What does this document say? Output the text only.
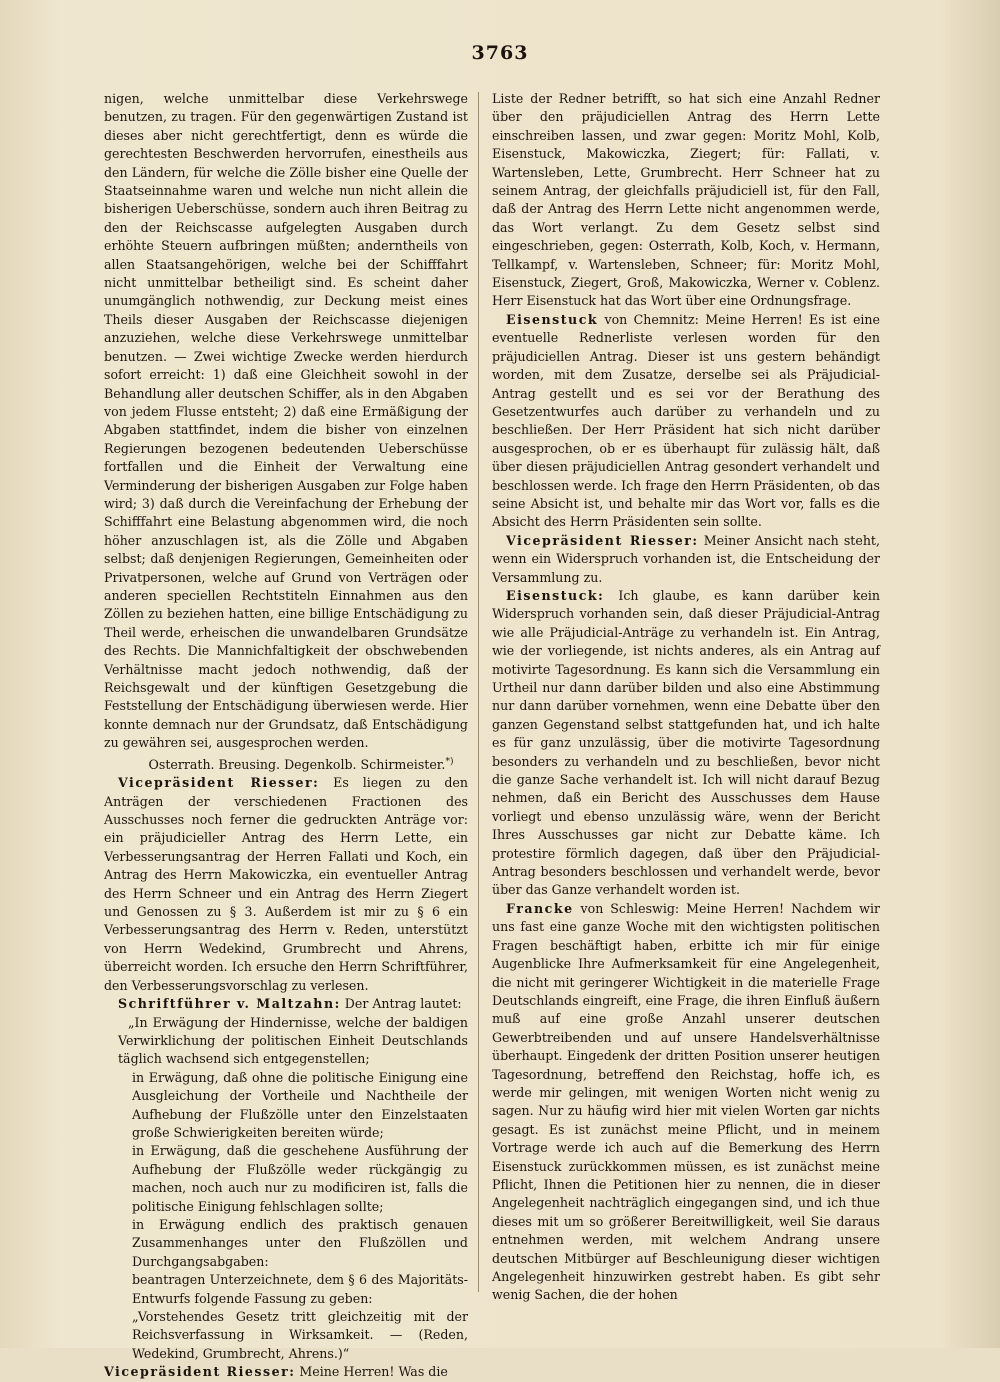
3763

nigen, welche unmittelbar diese Verkehrswege benutzen, zu tragen. Für den gegenwärtigen Zustand ist dieses aber nicht gerechtfertigt, denn es würde die gerechtesten Beschwerden hervorrufen, einestheils aus den Ländern, für welche die Zölle bisher eine Quelle der Staatseinnahme waren und welche nun nicht allein die bisherigen Ueberschüsse, sondern auch ihren Beitrag zu den der Reichscasse aufgelegten Ausgaben durch erhöhte Steuern aufbringen müßten; anderntheils von allen Staatsangehörigen, welche bei der Schifffahrt nicht unmittelbar betheiligt sind. Es scheint daher unumgänglich nothwendig, zur Deckung meist eines Theils dieser Ausgaben der Reichscasse diejenigen anzuziehen, welche diese Verkehrswege unmittelbar benutzen. — Zwei wichtige Zwecke werden hierdurch sofort erreicht: 1) daß eine Gleichheit sowohl in der Behandlung aller deutschen Schiffer, als in den Abgaben von jedem Flusse entsteht; 2) daß eine Ermäßigung der Abgaben stattfindet, indem die bisher von einzelnen Regierungen bezogenen bedeutenden Ueberschüsse fortfallen und die Einheit der Verwaltung eine Verminderung der bisherigen Ausgaben zur Folge haben wird; 3) daß durch die Vereinfachung der Erhebung der Schifffahrt eine Belastung abgenommen wird, die noch höher anzuschlagen ist, als die Zölle und Abgaben selbst; daß denjenigen Regierungen, Gemeinheiten oder Privatpersonen, welche auf Grund von Verträgen oder anderen speciellen Rechtstiteln Einnahmen aus den Zöllen zu beziehen hatten, eine billige Entschädigung zu Theil werde, erheischen die unwandelbaren Grundsätze des Rechts. Die Mannichfaltigkeit der obschwebenden Verhältnisse macht jedoch nothwendig, daß der Reichsgewalt und der künftigen Gesetzgebung die Feststellung der Entschädigung überwiesen werde. Hier konnte demnach nur der Grundsatz, daß Entschädigung zu gewähren sei, ausgesprochen werden.

Osterrath. Breusing. Degenkolb. Schirmeister.*)

Vicepräsident Riesser: Es liegen zu den Anträgen der verschiedenen Fractionen des Ausschusses noch ferner die gedruckten Anträge vor: ein präjudicieller Antrag des Herrn Lette, ein Verbesserungsantrag der Herren Fallati und Koch, ein Antrag des Herrn Makowiczka, ein eventueller Antrag des Herrn Schneer und ein Antrag des Herrn Ziegert und Genossen zu § 3. Außerdem ist mir zu § 6 ein Verbesserungsantrag des Herrn v. Reden, unterstützt von Herrn Wedekind, Grumbrecht und Ahrens, überreicht worden. Ich ersuche den Herrn Schriftführer, den Verbesserungsvorschlag zu verlesen.

Schriftführer v. Maltzahn: Der Antrag lautet:

„In Erwägung der Hindernisse, welche der baldigen Verwirklichung der politischen Einheit Deutschlands täglich wachsend sich entgegenstellen;

in Erwägung, daß ohne die politische Einigung eine Ausgleichung der Vortheile und Nachtheile der Aufhebung der Flußzölle unter den Einzelstaaten große Schwierigkeiten bereiten würde;

in Erwägung, daß die geschehene Ausführung der Aufhebung der Flußzölle weder rückgängig zu machen, noch auch nur zu modificiren ist, falls die politische Einigung fehlschlagen sollte;

in Erwägung endlich des praktisch genauen Zusammenhanges unter den Flußzöllen und Durchgangsabgaben:

beantragen Unterzeichnete, dem § 6 des Majoritäts-Entwurfs folgende Fassung zu geben:

„Vorstehendes Gesetz tritt gleichzeitig mit der Reichsverfassung in Wirksamkeit. — (Reden, Wedekind, Grumbrecht, Ahrens.)“

Vicepräsident Riesser: Meine Herren! Was die

Liste der Redner betrifft, so hat sich eine Anzahl Redner über den präjudiciellen Antrag des Herrn Lette einschreiben lassen, und zwar gegen: Moritz Mohl, Kolb, Eisenstuck, Makowiczka, Ziegert; für: Fallati, v. Wartensleben, Lette, Grumbrecht. Herr Schneer hat zu seinem Antrag, der gleichfalls präjudiciell ist, für den Fall, daß der Antrag des Herrn Lette nicht angenommen werde, das Wort verlangt. Zu dem Gesetz selbst sind eingeschrieben, gegen: Osterrath, Kolb, Koch, v. Hermann, Tellkampf, v. Wartensleben, Schneer; für: Moritz Mohl, Eisenstuck, Ziegert, Groß, Makowiczka, Werner v. Coblenz. Herr Eisenstuck hat das Wort über eine Ordnungsfrage.

Eisenstuck von Chemnitz: Meine Herren! Es ist eine eventuelle Rednerliste verlesen worden für den präjudiciellen Antrag. Dieser ist uns gestern behändigt worden, mit dem Zusatze, derselbe sei als Präjudicial-Antrag gestellt und es sei vor der Berathung des Gesetzentwurfes auch darüber zu verhandeln und zu beschließen. Der Herr Präsident hat sich nicht darüber ausgesprochen, ob er es überhaupt für zulässig hält, daß über diesen präjudiciellen Antrag gesondert verhandelt und beschlossen werde. Ich frage den Herrn Präsidenten, ob das seine Absicht ist, und behalte mir das Wort vor, falls es die Absicht des Herrn Präsidenten sein sollte.

Vicepräsident Riesser: Meiner Ansicht nach steht, wenn ein Widerspruch vorhanden ist, die Entscheidung der Versammlung zu.

Eisenstuck: Ich glaube, es kann darüber kein Widerspruch vorhanden sein, daß dieser Präjudicial-Antrag wie alle Präjudicial-Anträge zu verhandeln ist. Ein Antrag, wie der vorliegende, ist nichts anderes, als ein Antrag auf motivirte Tagesordnung. Es kann sich die Versammlung ein Urtheil nur dann darüber bilden und also eine Abstimmung nur dann darüber vornehmen, wenn eine Debatte über den ganzen Gegenstand selbst stattgefunden hat, und ich halte es für ganz unzulässig, über die motivirte Tagesordnung besonders zu verhandeln und zu beschließen, bevor nicht die ganze Sache verhandelt ist. Ich will nicht darauf Bezug nehmen, daß ein Bericht des Ausschusses dem Hause vorliegt und ebenso unzulässig wäre, wenn der Bericht Ihres Ausschusses gar nicht zur Debatte käme. Ich protestire förmlich dagegen, daß über den Präjudicial-Antrag besonders beschlossen und verhandelt werde, bevor über das Ganze verhandelt worden ist.

Francke von Schleswig: Meine Herren! Nachdem wir uns fast eine ganze Woche mit den wichtigsten politischen Fragen beschäftigt haben, erbitte ich mir für einige Augenblicke Ihre Aufmerksamkeit für eine Angelegenheit, die nicht mit geringerer Wichtigkeit in die materielle Frage Deutschlands eingreift, eine Frage, die ihren Einfluß äußern muß auf eine große Anzahl unserer deutschen Gewerbtreibenden und auf unsere Handelsverhältnisse überhaupt. Eingedenk der dritten Position unserer heutigen Tagesordnung, betreffend den Reichstag, hoffe ich, es werde mir gelingen, mit wenigen Worten nicht wenig zu sagen. Nur zu häufig wird hier mit vielen Worten gar nichts gesagt. Es ist zunächst meine Pflicht, und in meinem Vortrage werde ich auch auf die Bemerkung des Herrn Eisenstuck zurückkommen müssen, es ist zunächst meine Pflicht, Ihnen die Petitionen hier zu nennen, die in dieser Angelegenheit nachträglich eingegangen sind, und ich thue dieses mit um so größerer Bereitwilligkeit, weil Sie daraus entnehmen werden, mit welchem Andrang unsere deutschen Mitbürger auf Beschleunigung dieser wichtigen Angelegenheit hinzuwirken gestrebt haben. Es gibt sehr wenig Sachen, die der hohen
